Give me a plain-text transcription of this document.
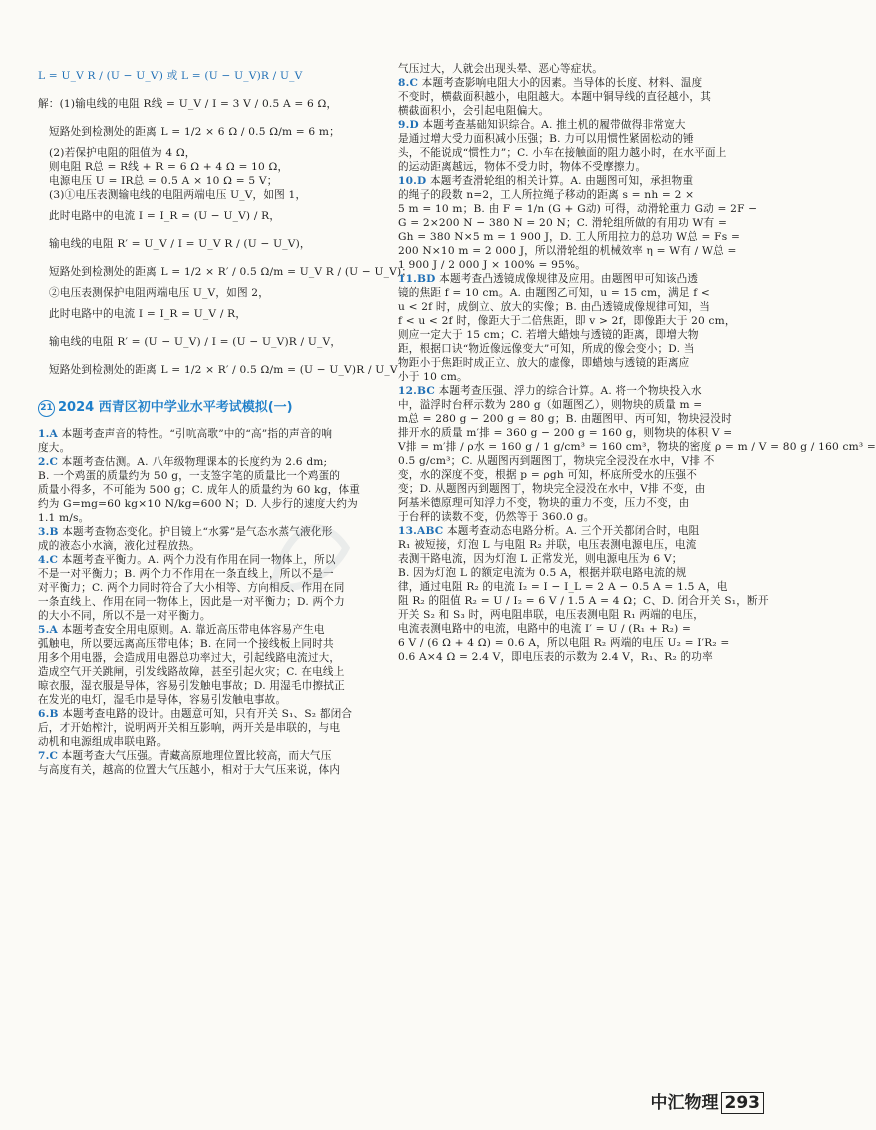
L = U_V R / (U − U_V) 或 L = (U − U_V)R / U_V
解：(1)输电线的电阻 R线 = U_V / I = 3 V / 0.5 A = 6 Ω，
短路处到检测处的距离 L = 1/2 × 6 Ω / 0.5 Ω/m = 6 m；
(2)若保护电阻的阻值为 4 Ω，
则电阻 R总 = R线 + R = 6 Ω + 4 Ω = 10 Ω，
电源电压 U = IR总 = 0.5 A × 10 Ω = 5 V；
(3)①电压表测输电线的电阻两端电压 U_V，如图 1，
此时电路中的电流 I = I_R = (U − U_V) / R，
输电线的电阻 R′ = U_V / I = U_V R / (U − U_V)，
短路处到检测处的距离 L = 1/2 × R′ / 0.5 Ω/m = U_V R / (U − U_V)；
②电压表测保护电阻两端电压 U_V，如图 2，
此时电路中的电流 I = I_R = U_V / R，
输电线的电阻 R′ = (U − U_V) / I = (U − U_V)R / U_V，
短路处到检测处的距离 L = 1/2 × R′ / 0.5 Ω/m = (U − U_V)R / U_V
21 2024 西青区初中学业水平考试模拟(一)
1.A 本题考查声音的特性。“引吭高歌”中的“高”指的声音的响
度大。
2.C 本题考查估测。A. 八年级物理课本的长度约为 2.6 dm;
B. 一个鸡蛋的质量约为 50 g，一支签字笔的质量比一个鸡蛋的
质量小得多，不可能为 500 g；C. 成年人的质量约为 60 kg，体重
约为 G=mg=60 kg×10 N/kg=600 N；D. 人步行的速度大约为
1.1 m/s。
3.B 本题考查物态变化。护目镜上“水雾”是气态水蒸气液化形
成的液态小水滴，液化过程放热。
4.C 本题考查平衡力。A. 两个力没有作用在同一物体上，所以
不是一对平衡力；B. 两个力不作用在一条直线上，所以不是一
对平衡力；C. 两个力同时符合了大小相等、方向相反、作用在同
一条直线上、作用在同一物体上，因此是一对平衡力；D. 两个力
的大小不同，所以不是一对平衡力。
5.A 本题考查安全用电原则。A. 靠近高压带电体容易产生电
弧触电，所以要远离高压带电体；B. 在同一个接线板上同时共
用多个用电器，会造成用电器总功率过大，引起线路电流过大，
造成空气开关跳闸，引发线路故障，甚至引起火灾；C. 在电线上
晾衣服，湿衣服是导体，容易引发触电事故；D. 用湿毛巾擦拭正
在发光的电灯，湿毛巾是导体，容易引发触电事故。
6.B 本题考查电路的设计。由题意可知，只有开关 S₁、S₂ 都闭合
后，才开始榨汁，说明两开关相互影响，两开关是串联的，与电
动机和电源组成串联电路。
7.C 本题考查大气压强。青藏高原地理位置比较高，而大气压
与高度有关，越高的位置大气压越小，相对于大气压来说，体内
气压过大，人就会出现头晕、恶心等症状。
8.C 本题考查影响电阻大小的因素。当导体的长度、材料、温度
不变时，横截面积越小，电阻越大。本题中铜导线的直径越小，其
横截面积小，会引起电阻偏大。
9.D 本题考查基础知识综合。A. 推土机的履带做得非常宽大
是通过增大受力面积减小压强；B. 力可以用惯性紧固松动的锤
头，不能说成“惯性力”；C. 小车在接触面的阻力越小时，在水平面上
的运动距离越远，物体不受力时，物体不受摩擦力。
10.D 本题考查滑轮组的相关计算。A. 由题图可知，承担物重
的绳子的段数 n=2，工人所拉绳子移动的距离 s = nh = 2 ×
5 m = 10 m；B. 由 F = 1/n (G + G动) 可得，动滑轮重力 G动 = 2F −
G = 2×200 N − 380 N = 20 N；C. 滑轮组所做的有用功 W有 =
Gh = 380 N×5 m = 1 900 J，D. 工人所用拉力的总功 W总 = Fs =
200 N×10 m = 2 000 J，所以滑轮组的机械效率 η = W有 / W总 =
1 900 J / 2 000 J × 100% = 95%。
11.BD 本题考查凸透镜成像规律及应用。由题图甲可知该凸透
镜的焦距 f = 10 cm。A. 由题图乙可知，u = 15 cm，满足 f <
u < 2f 时，成倒立、放大的实像；B. 由凸透镜成像规律可知，当
f < u < 2f 时，像距大于二倍焦距，即 v > 2f，即像距大于 20 cm，
则应一定大于 15 cm；C. 若增大蜡烛与透镜的距离，即增大物
距，根据口诀“物近像远像变大”可知，所成的像会变小；D. 当
物距小于焦距时成正立、放大的虚像，即蜡烛与透镜的距离应
小于 10 cm。
12.BC 本题考查压强、浮力的综合计算。A. 将一个物块投入水
中，溢浮时台秤示数为 280 g（如题图乙），则物块的质量 m =
m总 = 280 g − 200 g = 80 g；B. 由题图甲、丙可知，物块浸没时
排开水的质量 m′排 = 360 g − 200 g = 160 g，则物块的体积 V =
V排 = m′排 / ρ水 = 160 g / 1 g/cm³ = 160 cm³，物块的密度 ρ = m / V = 80 g / 160 cm³ =
0.5 g/cm³；C. 从题图丙到题图丁，物块完全浸没在水中，V排 不
变，水的深度不变，根据 p = ρgh 可知，杯底所受水的压强不
变；D. 从题图丙到题图丁，物块完全浸没在水中，V排 不变，由
阿基米德原理可知浮力不变，物块的重力不变，压力不变，由
于台秤的读数不变，仍然等于 360.0 g。
13.ABC 本题考查动态电路分析。A. 三个开关都闭合时，电阻
R₁ 被短接，灯泡 L 与电阻 R₂ 并联，电压表测电源电压，电流
表测干路电流，因为灯泡 L 正常发光，则电源电压为 6 V；
B. 因为灯泡 L 的额定电流为 0.5 A，根据并联电路电流的规
律，通过电阻 R₂ 的电流 I₂ = I − I_L = 2 A − 0.5 A = 1.5 A，电
阻 R₂ 的阻值 R₂ = U / I₂ = 6 V / 1.5 A = 4 Ω；C、D. 闭合开关 S₁，断开
开关 S₂ 和 S₃ 时，两电阻串联，电压表测电阻 R₁ 两端的电压，
电流表测电路中的电流，电路中的电流 I′ = U / (R₁ + R₂) =
6 V / (6 Ω + 4 Ω) = 0.6 A，所以电阻 R₂ 两端的电压 U₂ = I′R₂ =
0.6 A×4 Ω = 2.4 V，即电压表的示数为 2.4 V，R₁、R₂ 的功率
中汇物理 293
